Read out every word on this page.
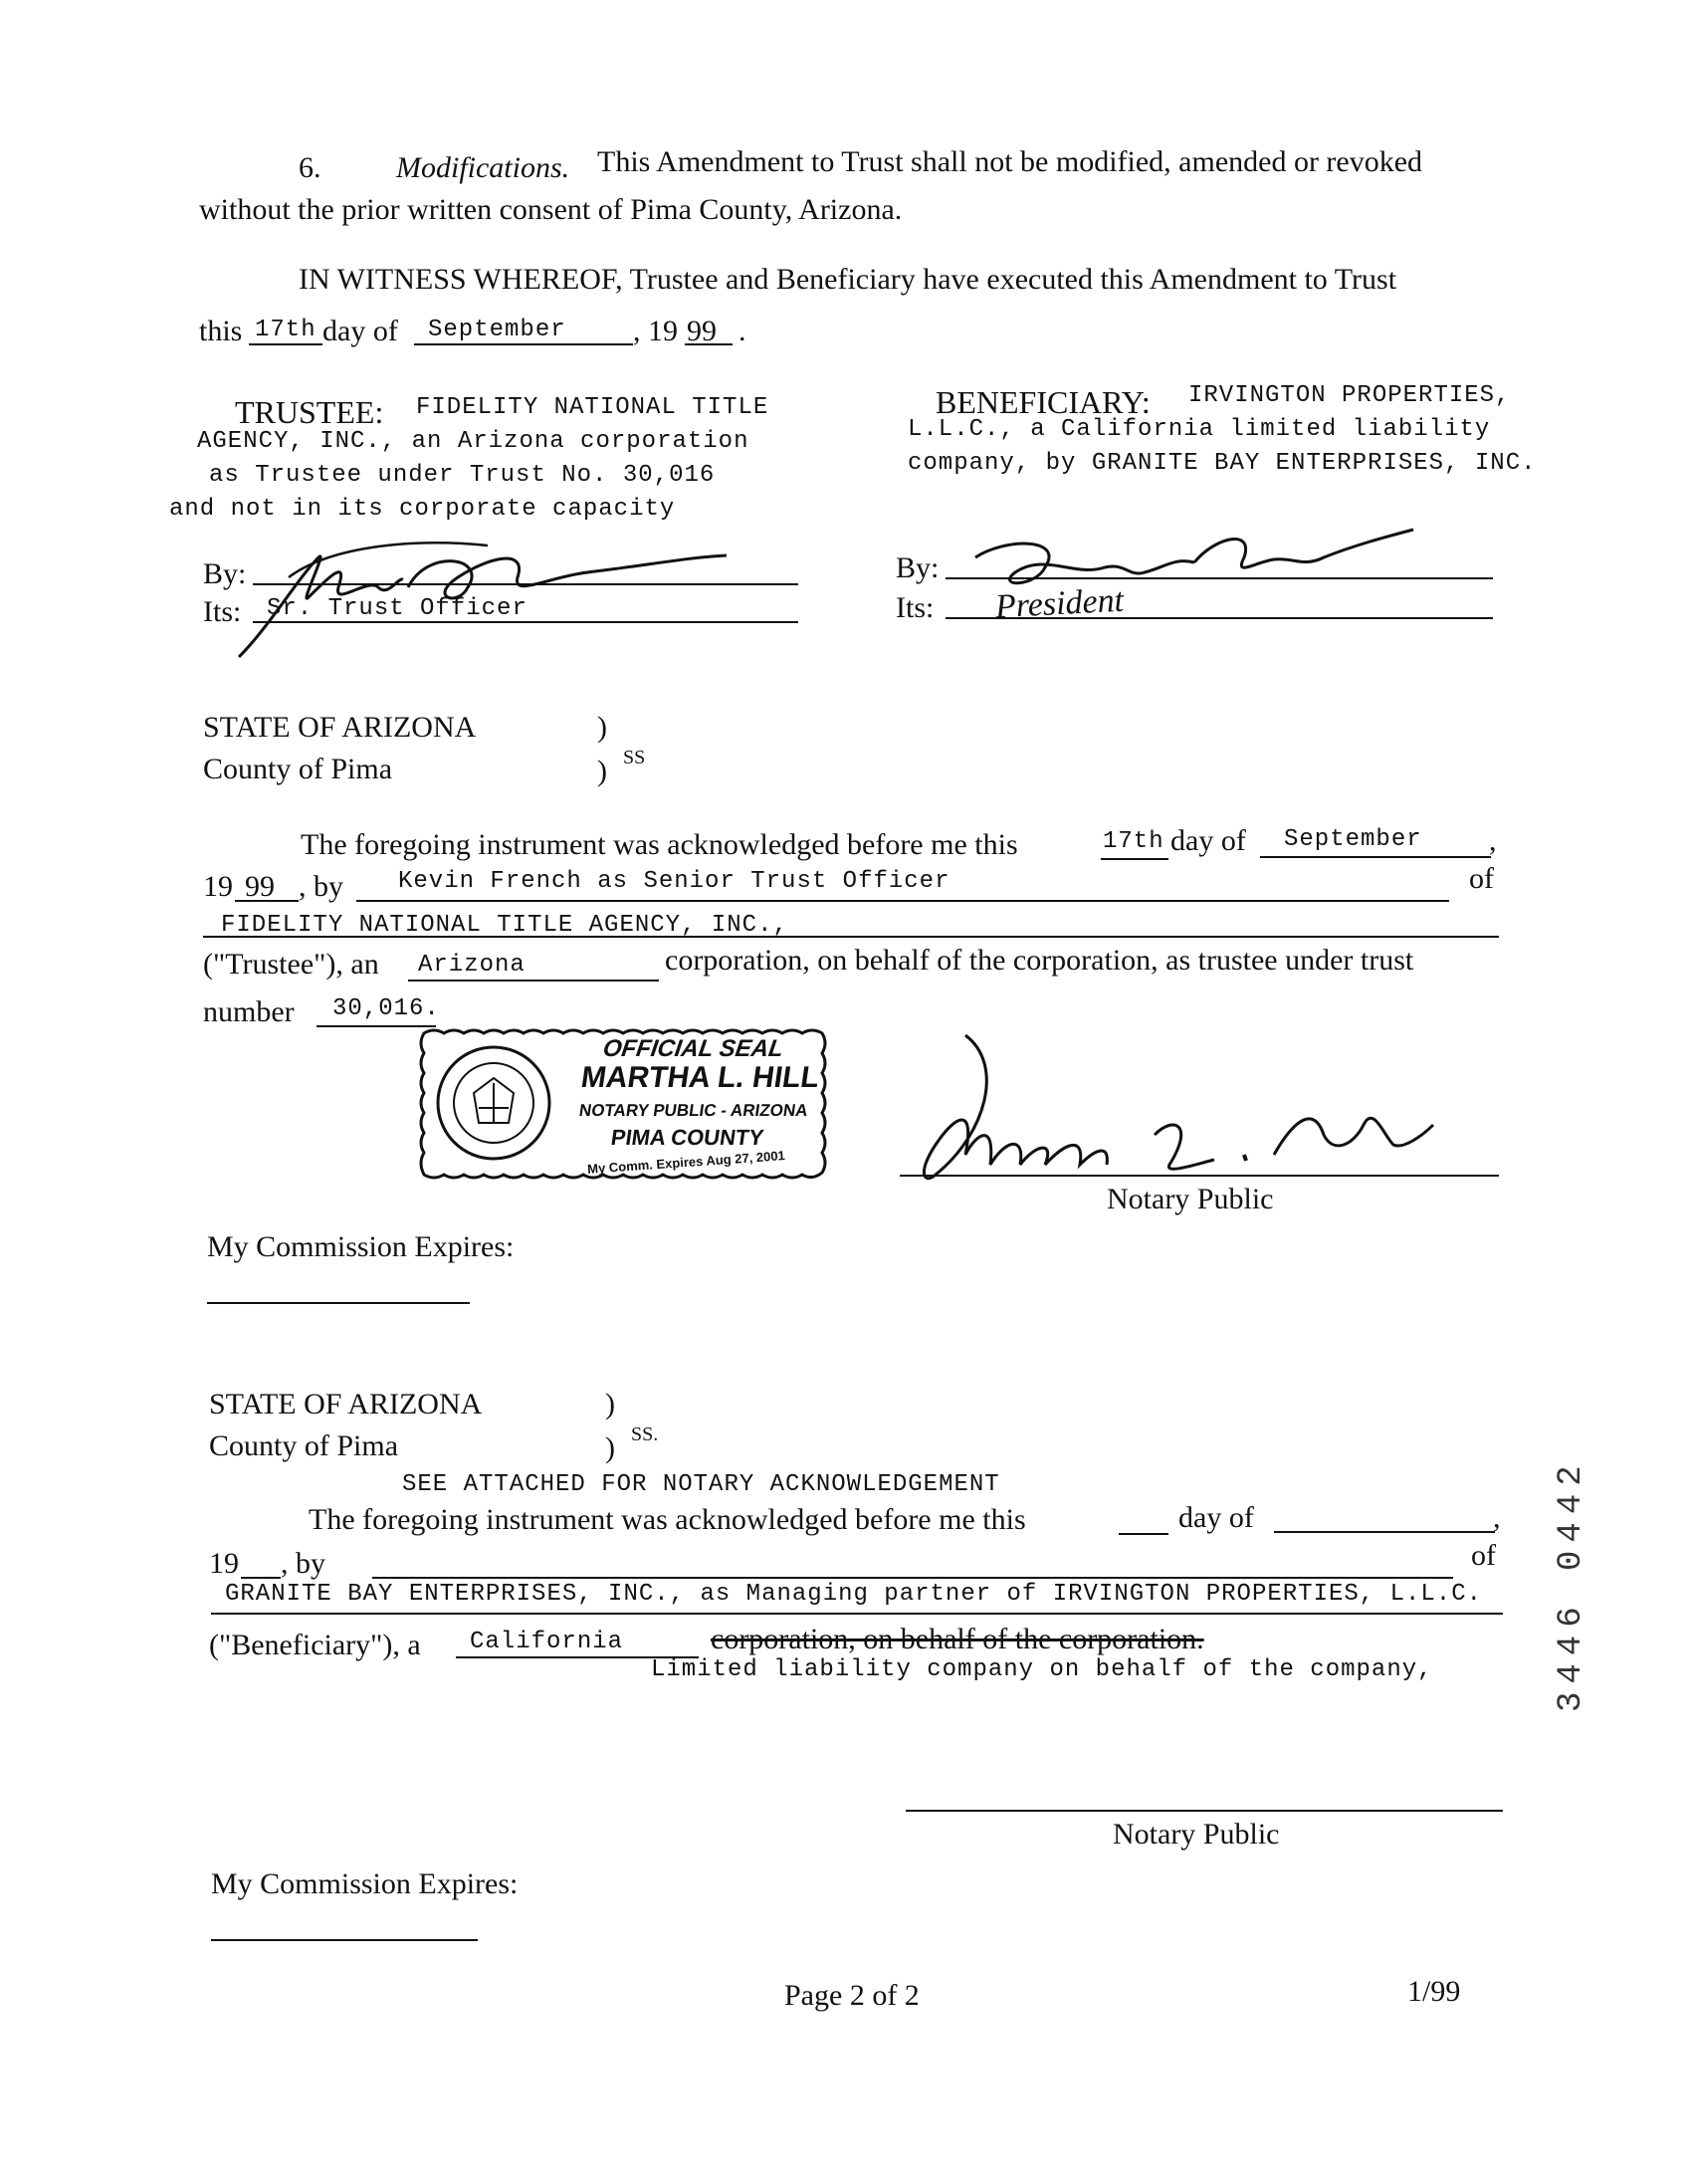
6.	Modifications. This Amendment to Trust shall not be modified, amended or revoked
without the prior written consent of Pima County, Arizona.
IN WITNESS WHEREOF, Trustee and Beneficiary have executed this Amendment to Trust
this 17th day of September , 19 99 .
TRUSTEE: FIDELITY NATIONAL TITLE
AGENCY, INC., an Arizona corporation
as Trustee under Trust No. 30,016
and not in its corporate capacity
By:
Its: Sr. Trust Officer
BENEFICIARY: IRVINGTON PROPERTIES,
L.L.C., a California limited liability
company, by GRANITE BAY ENTERPRISES, INC.
By:
Its: President
STATE OF ARIZONA
County of Pima
)
) SS
The foregoing instrument was acknowledged before me this	17th day of September ,
19 99 , by Kevin French as Senior Trust Officer	of
FIDELITY NATIONAL TITLE AGENCY, INC.,
("Trustee"), an Arizona	corporation, on behalf of the corporation, as trustee under trust
number 30,016.
OFFICIAL SEAL
MARTHA L. HILL
NOTARY PUBLIC - ARIZONA
PIMA COUNTY
My Comm. Expires Aug 27, 2001
Notary Public
My Commission Expires:
STATE OF ARIZONA
County of Pima
)
) SS.
SEE ATTACHED FOR NOTARY ACKNOWLEDGEMENT
The foregoing instrument was acknowledged before me this	day of	,
19 , by	of
GRANITE BAY ENTERPRISES, INC., as Managing partner of IRVINGTON PROPERTIES, L.L.C.
("Beneficiary"), a California	corporation, on behalf of the corporation.
Limited liability company on behalf of the company,
Notary Public
My Commission Expires:
Page 2 of 2	1/99
3446 0442
